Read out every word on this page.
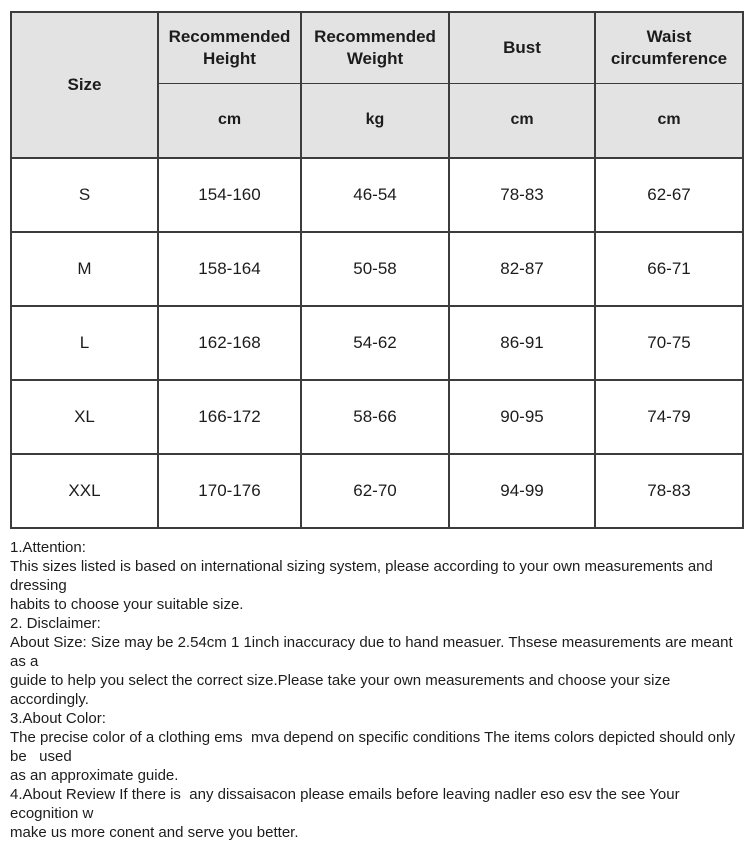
Size	Recommended Height	Recommended Weight	Bust	Waist circumference
	cm	kg	cm	cm
S	154-160	46-54	78-83	62-67
M	158-164	50-58	82-87	66-71
L	162-168	54-62	86-91	70-75
XL	166-172	58-66	90-95	74-79
XXL	170-176	62-70	94-99	78-83
1.Attention:
This sizes listed is based on international sizing system, please according to your own measurements and dressing
habits to choose your suitable size.
2. Disclaimer:
About Size: Size may be 2.54cm 1 1inch inaccuracy due to hand measuer. Thsese measurements are meant as a
guide to help you select the correct size.Please take your own measurements and choose your size accordingly.
3.About Color:
The precise color of a clothing ems  mva depend on specific conditions The items colors depicted should only be   used
as an approximate guide.
4.About Review If there is  any dissaisacon please emails before leaving nadler eso esv the see Your ecognition w
make us more conent and serve you better.
